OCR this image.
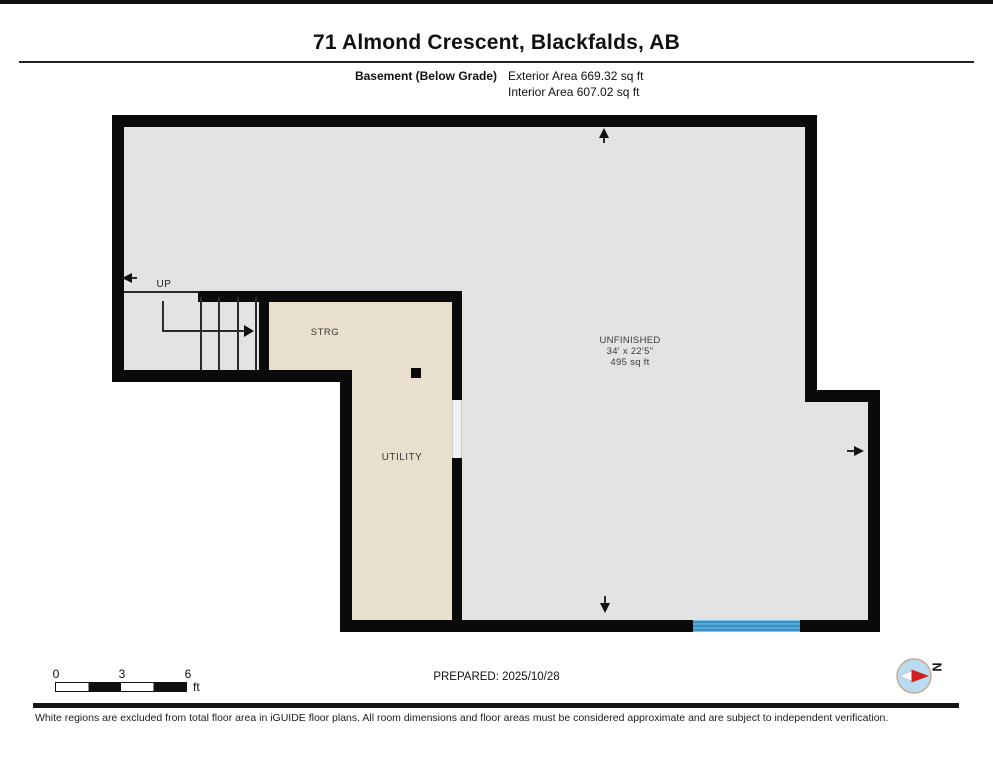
71 Almond Crescent, Blackfalds, AB
Basement (Below Grade) Exterior Area 669.32 sq ft
Interior Area 607.02 sq ft
UP
STRG
UTILITY
UNFINISHED
34' x 22'5"
495 sq ft
0	3	6
ft
PREPARED: 2025/10/28
N
White regions are excluded from total floor area in iGUIDE floor plans. All room dimensions and floor areas must be considered approximate and are subject to independent verification.
